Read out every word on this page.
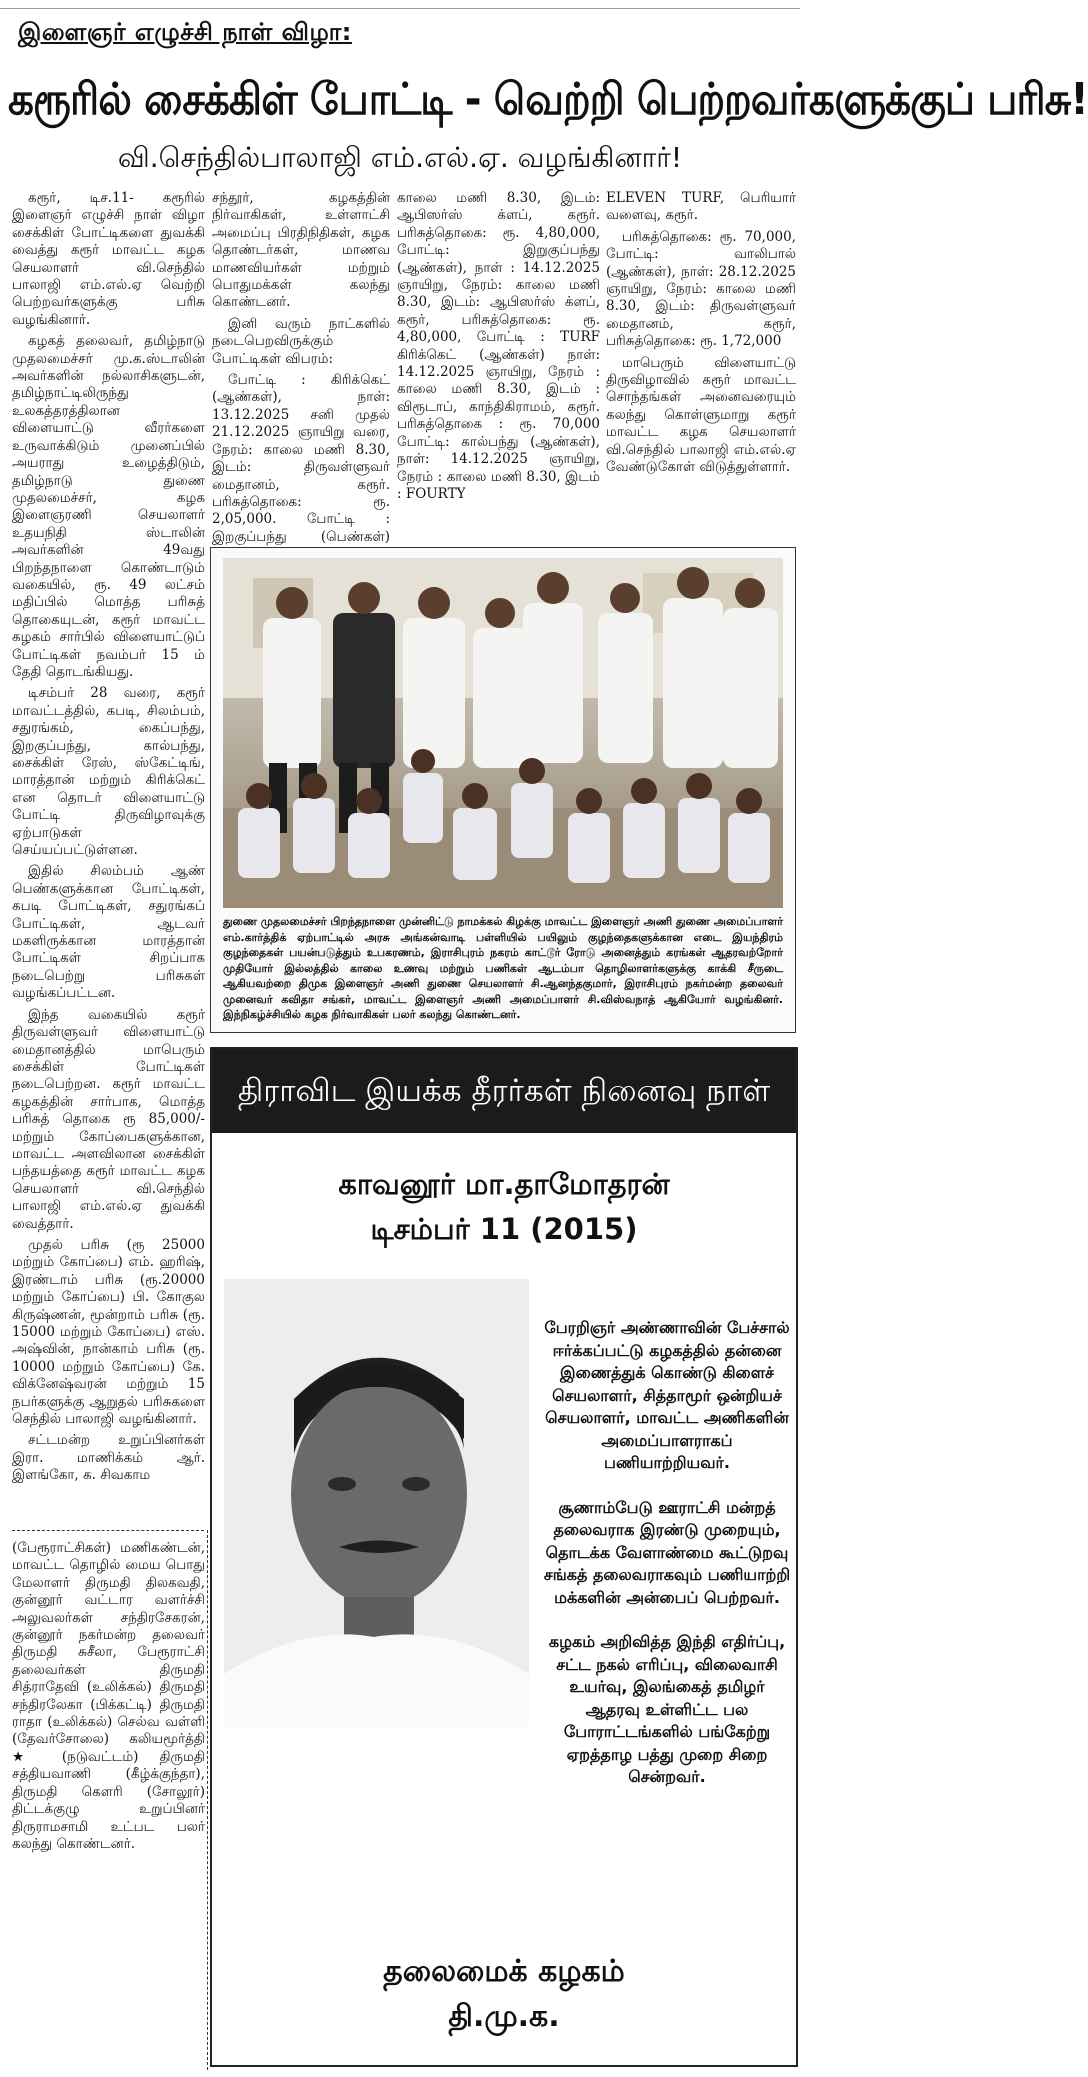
இளைஞர் எழுச்சி நாள் விழா:
கரூரில் சைக்கிள் போட்டி - வெற்றி பெற்றவர்களுக்குப் பரிசு!
வி.செந்தில்பாலாஜி எம்.எல்.ஏ. வழங்கினார்!

கரூர், டிச.11- கரூரில் இளைஞர் எழுச்சி நாள் விழா சைக்கிள் போட்டிகளை துவக்கி வைத்து கரூர் மாவட்ட கழக செயலாளர் வி.செந்தில் பாலாஜி எம்.எல்.ஏ வெற்றி பெற்றவர்களுக்கு பரிசு வழங்கினார்.

கழகத் தலைவர், தமிழ்நாடு முதலமைச்சர் மு.க.ஸ்டாலின் அவர்களின் நல்லாசிகளுடன், தமிழ்நாட்டிலிருந்து உலகத்தரத்திலான விளையாட்டு வீரர்களை உருவாக்கிடும் முனைப்பில் அயராது உழைத்திடும், தமிழ்நாடு துணை முதலமைச்சர், கழக இளைஞரணி செயலாளர் உதயநிதி ஸ்டாலின் அவர்களின் 49வது பிறந்தநாளை கொண்டாடும் வகையில், ரூ. 49 லட்சம் மதிப்பில் மொத்த பரிசுத் தொகையுடன், கரூர் மாவட்ட கழகம் சார்பில் விளையாட்டுப் போட்டிகள் நவம்பர் 15 ம் தேதி தொடங்கியது.

டிசம்பர் 28 வரை, கரூர் மாவட்டத்தில், கபடி, சிலம்பம், சதுரங்கம், கைப்பந்து, இறகுப்பந்து, கால்பந்து, சைக்கிள் ரேஸ், ஸ்கேட்டிங், மாரத்தான் மற்றும் கிரிக்கெட் என தொடர் விளையாட்டு போட்டி திருவிழாவுக்கு ஏற்பாடுகள் செய்யப்பட்டுள்ளன.

இதில் சிலம்பம் ஆண் பெண்களுக்கான போட்டிகள், கபடி போட்டிகள், சதுரங்கப் போட்டிகள், ஆடவர் மகளிருக்கான மாரத்தான் போட்டிகள் சிறப்பாக நடைபெற்று பரிசுகள் வழங்கப்பட்டன.

இந்த வகையில் கரூர் திருவள்ளுவர் விளையாட்டு மைதானத்தில் மாபெரும் சைக்கிள் போட்டிகள் நடைபெற்றன. கரூர் மாவட்ட கழகத்தின் சார்பாக, மொத்த பரிசுத் தொகை ரூ 85,000/- மற்றும் கோப்பைகளுக்கான, மாவட்ட அளவிலான சைக்கிள் பந்தயத்தை கரூர் மாவட்ட கழக செயலாளர் வி.செந்தில் பாலாஜி எம்.எல்.ஏ துவக்கி வைத்தார்.

முதல் பரிசு (ரூ 25000 மற்றும் கோப்பை) எம். ஹரிஷ், இரண்டாம் பரிசு (ரூ.20000 மற்றும் கோப்பை) பி. கோகுல கிருஷ்ணன், மூன்றாம் பரிசு (ரூ. 15000 மற்றும் கோப்பை) எஸ். அஷ்வின், நான்காம் பரிசு (ரூ. 10000 மற்றும் கோப்பை) கே. விக்னேஷ்வரன் மற்றும் 15 நபர்களுக்கு ஆறுதல் பரிசுகளை செந்தில் பாலாஜி வழங்கினார்.

சட்டமன்ற உறுப்பினர்கள் இரா. மாணிக்கம் ஆர். இளங்கோ, க. சிவகாம

(பேரூராட்சிகள்) மணிகண்டன், மாவட்ட தொழில் மைய பொது மேலாளர் திருமதி திலகவதி, குன்னூர் வட்டார வளர்ச்சி அலுவலர்கள் சந்திரசேகரன், குன்னூர் நகர்மன்ற தலைவர் திருமதி சுசீலா, பேரூராட்சி தலைவர்கள் திருமதி சித்ராதேவி (உலிக்கல்) திருமதி சந்திரலேகா (பிக்கட்டி) திருமதி ராதா (உலிக்கல்) செல்வ வள்ளி (தேவர்சோலை) கலியமூர்த்தி ★ (நடுவட்டம்) திருமதி சத்தியவாணி (கீழ்க்குந்தா), திருமதி கௌரி (சோலூர்) திட்டக்குழு உறுப்பினர் திருராமசாமி உட்பட பலர் கலந்து கொண்டனர்.

சந்தூர், கழகத்தின் நிர்வாகிகள், உள்ளாட்சி அமைப்பு பிரதிநிதிகள், கழக தொண்டர்கள், மாணவ மாணவியர்கள் மற்றும் பொதுமக்கள் கலந்து கொண்டனர்.

இனி வரும் நாட்களில் நடைபெறவிருக்கும் போட்டிகள் விபரம்:

போட்டி : கிரிக்கெட் (ஆண்கள்), நாள்: 13.12.2025 சனி முதல் 21.12.2025 ஞாயிறு வரை, நேரம்: காலை மணி 8.30, இடம்: திருவள்ளுவர் மைதானம், கரூர். பரிசுத்தொகை: ரூ. 2,05,000. போட்டி : இறகுப்பந்து (பெண்கள்)

காலை மணி 8.30, இடம்: ஆபிஸர்ஸ் க்ளப், கரூர். பரிசுத்தொகை: ரூ. 4,80,000, போட்டி: இறுகுப்பந்து (ஆண்கள்), நாள் : 14.12.2025 ஞாயிறு, நேரம்: காலை மணி 8.30, இடம்: ஆபிஸர்ஸ் க்ளப், கரூர், பரிசுத்தொகை: ரூ. 4,80,000, போட்டி : TURF கிரிக்கெட் (ஆண்கள்) நாள்: 14.12.2025 ஞாயிறு, நேரம் : காலை மணி 8.30, இடம் : விரூடாப், காந்திகிராமம், கரூர். பரிசுத்தொகை : ரூ. 70,000 போட்டி: கால்பந்து (ஆண்கள்), நாள்: 14.12.2025 ஞாயிறு, நேரம் : காலை மணி 8.30, இடம் : FOURTY

ELEVEN TURF, பெரியார் வளைவு, கரூர்.

பரிசுத்தொகை: ரூ. 70,000, போட்டி: வாலிபால் (ஆண்கள்), நாள்: 28.12.2025 ஞாயிறு, நேரம்: காலை மணி 8.30, இடம்: திருவள்ளுவர் மைதானம், கரூர், பரிசுத்தொகை: ரூ. 1,72,000

மாபெரும் விளையாட்டு திருவிழாவில் கரூர் மாவட்ட சொந்தங்கள் அனைவரையும் கலந்து கொள்ளுமாறு கரூர் மாவட்ட கழக செயலாளர் வி.செந்தில் பாலாஜி எம்.எல்.ஏ வேண்டுகோள் விடுத்துள்ளார்.

துணை முதலமைச்சர் பிறந்தநாளை முன்னிட்டு நாமக்கல் கிழக்கு மாவட்ட இளைஞர் அணி துணை அமைப்பாளர் எம்.கார்த்திக் ஏற்பாட்டில் அரசு அங்கன்வாடி பள்ளியில் பயிலும் குழந்தைகளுக்கான எடை இயந்திரம் குழந்தைகள் பயன்படுத்தும் உபகரணம், இராசிபுரம் நகரம் காட்டூர் ரோடு அனைத்தும் கரங்கள் ஆதரவற்றோர் முதியோர் இல்லத்தில் காலை உணவு மற்றும் பணிகள் ஆடம்பா தொழிலாளர்களுக்கு காக்கி சீருடை ஆகியவற்றை திமுக இளைஞர் அணி துணை செயலாளர் சி.ஆனந்தகுமார், இராசிபுரம் நகர்மன்ற தலைவர் முனைவர் கவிதா சங்கர், மாவட்ட இளைஞர் அணி அமைப்பாளர் சி.விஸ்வநாத் ஆகியோர் வழங்கினர். இந்நிகழ்ச்சியில் கழக நிர்வாகிகள் பலர் கலந்து கொண்டனர்.
திராவிட இயக்க தீரர்கள் நினைவு நாள்
காவனூர் மா.தாமோதரன்
டிசம்பர் 11 (2015)

பேரறிஞர் அண்ணாவின் பேச்சால் ஈர்க்கப்பட்டு கழகத்தில் தன்னை இணைத்துக் கொண்டு கிளைச் செயலாளர், சித்தாமூர் ஒன்றியச் செயலாளர், மாவட்ட அணிகளின் அமைப்பாளராகப் பணியாற்றியவர்.

சூணாம்பேடு ஊராட்சி மன்றத் தலைவராக இரண்டு முறையும், தொடக்க வேளாண்மை கூட்டுறவு சங்கத் தலைவராகவும் பணியாற்றி மக்களின் அன்பைப் பெற்றவர்.

கழகம் அறிவித்த இந்தி எதிர்ப்பு, சட்ட நகல் எரிப்பு, விலைவாசி உயர்வு, இலங்கைத் தமிழர் ஆதரவு உள்ளிட்ட பல போராட்டங்களில் பங்கேற்று ஏறத்தாழ பத்து முறை சிறை சென்றவர்.

தலைமைக் கழகம்
தி.மு.க.
